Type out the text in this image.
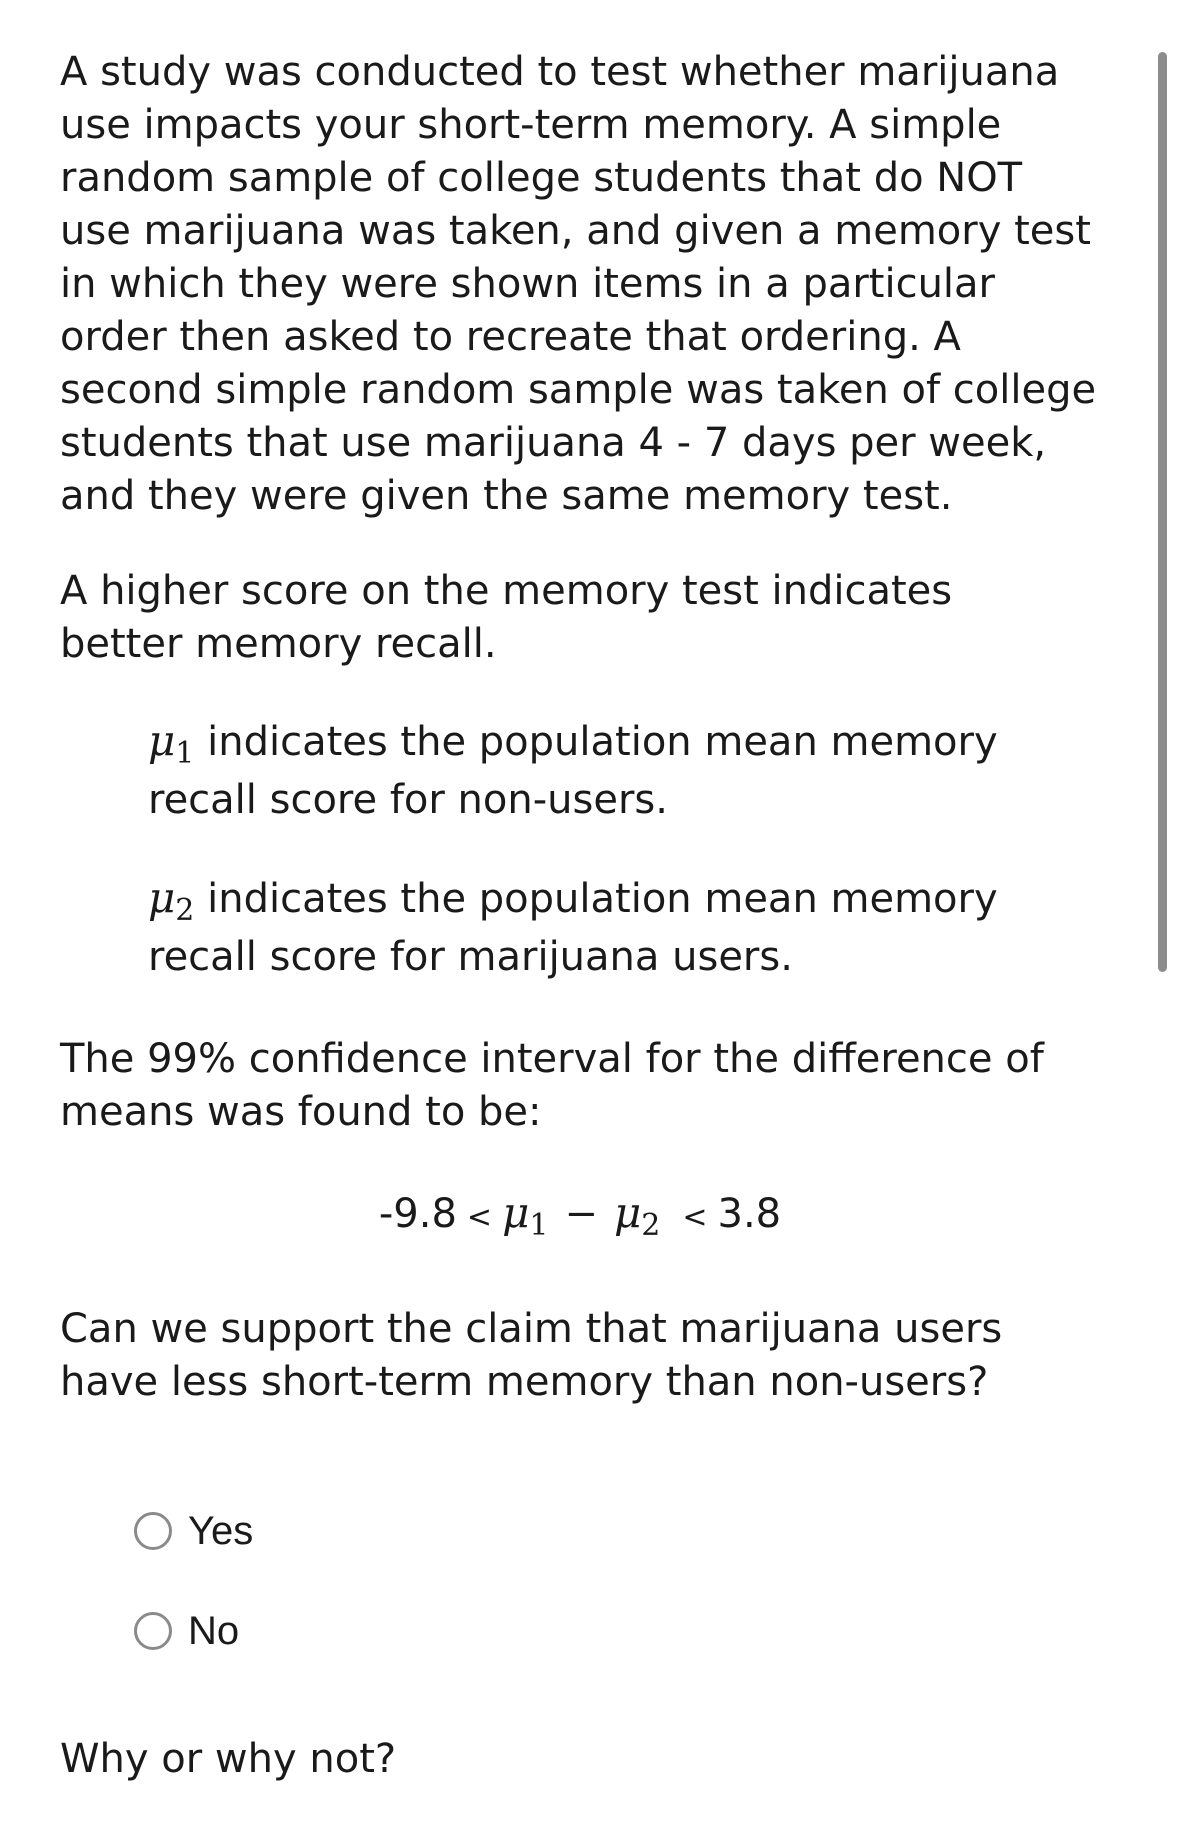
A study was conducted to test whether marijuana use impacts your short-term memory. A simple random sample of college students that do NOT use marijuana was taken, and given a memory test in which they were shown items in a particular order then asked to recreate that ordering. A second simple random sample was taken of college students that use marijuana 4 - 7 days per week, and they were given the same memory test.

A higher score on the memory test indicates better memory recall.

μ1 indicates the population mean memory recall score for non-users.
μ2 indicates the population mean memory recall score for marijuana users.

The 99% confidence interval for the difference of means was found to be:

-9.8 < μ1 − μ2 < 3.8

Can we support the claim that marijuana users have less short-term memory than non-users?

Yes
No

Why or why not?
